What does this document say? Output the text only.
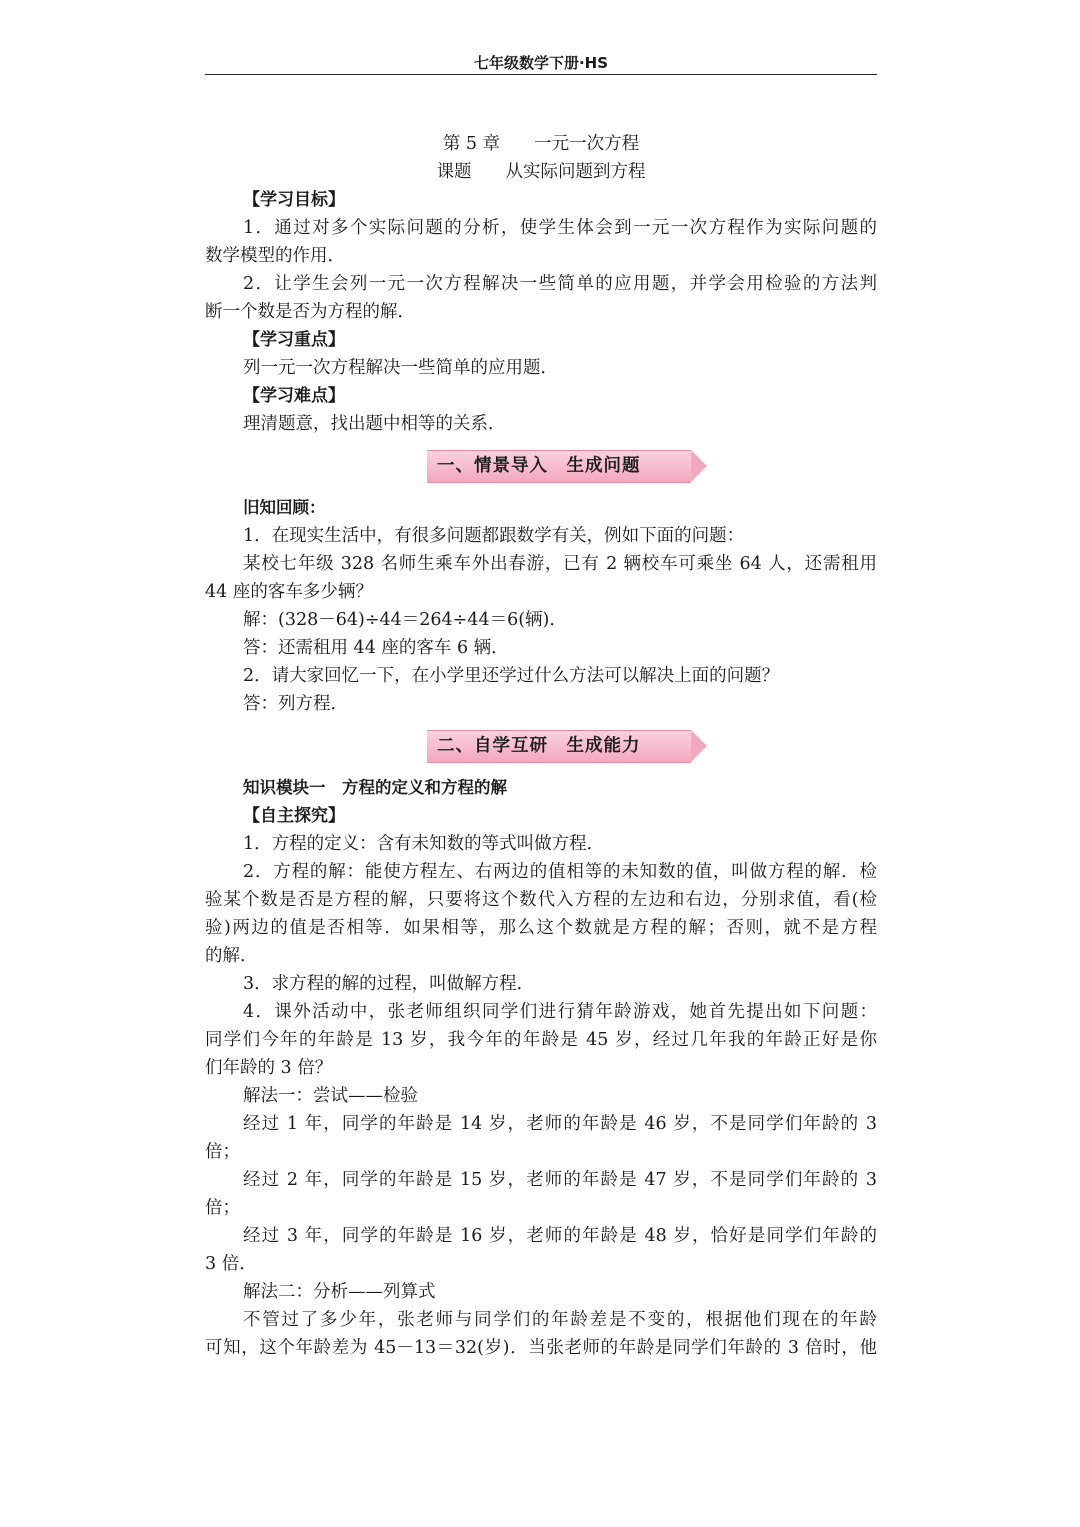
七年级数学下册·HS
第 5 章 一元一次方程
课题 从实际问题到方程
【学习目标】
1．通过对多个实际问题的分析，使学生体会到一元一次方程作为实际问题的
数学模型的作用．
2．让学生会列一元一次方程解决一些简单的应用题，并学会用检验的方法判
断一个数是否为方程的解．
【学习重点】
列一元一次方程解决一些简单的应用题．
【学习难点】
理清题意，找出题中相等的关系．
一、情景导入　生成问题
旧知回顾：
1．在现实生活中，有很多问题都跟数学有关，例如下面的问题：
某校七年级 328 名师生乘车外出春游，已有 2 辆校车可乘坐 64 人，还需租用
44 座的客车多少辆？
解：(328－64)÷44＝264÷44＝6(辆)．
答：还需租用 44 座的客车 6 辆．
2．请大家回忆一下，在小学里还学过什么方法可以解决上面的问题？
答：列方程．
二、自学互研　生成能力
知识模块一　方程的定义和方程的解
【自主探究】
1．方程的定义：含有未知数的等式叫做方程．
2．方程的解：能使方程左、右两边的值相等的未知数的值，叫做方程的解．检
验某个数是否是方程的解，只要将这个数代入方程的左边和右边，分别求值，看(检
验)两边的值是否相等．如果相等，那么这个数就是方程的解；否则，就不是方程
的解．
3．求方程的解的过程，叫做解方程．
4．课外活动中，张老师组织同学们进行猜年龄游戏，她首先提出如下问题：
同学们今年的年龄是 13 岁，我今年的年龄是 45 岁，经过几年我的年龄正好是你
们年龄的 3 倍？
解法一：尝试——检验
经过 1 年，同学的年龄是 14 岁，老师的年龄是 46 岁，不是同学们年龄的 3
倍；
经过 2 年，同学的年龄是 15 岁，老师的年龄是 47 岁，不是同学们年龄的 3
倍；
经过 3 年，同学的年龄是 16 岁，老师的年龄是 48 岁，恰好是同学们年龄的
3 倍．
解法二：分析——列算式
不管过了多少年，张老师与同学们的年龄差是不变的，根据他们现在的年龄
可知，这个年龄差为 45－13＝32(岁)．当张老师的年龄是同学们年龄的 3 倍时，他
